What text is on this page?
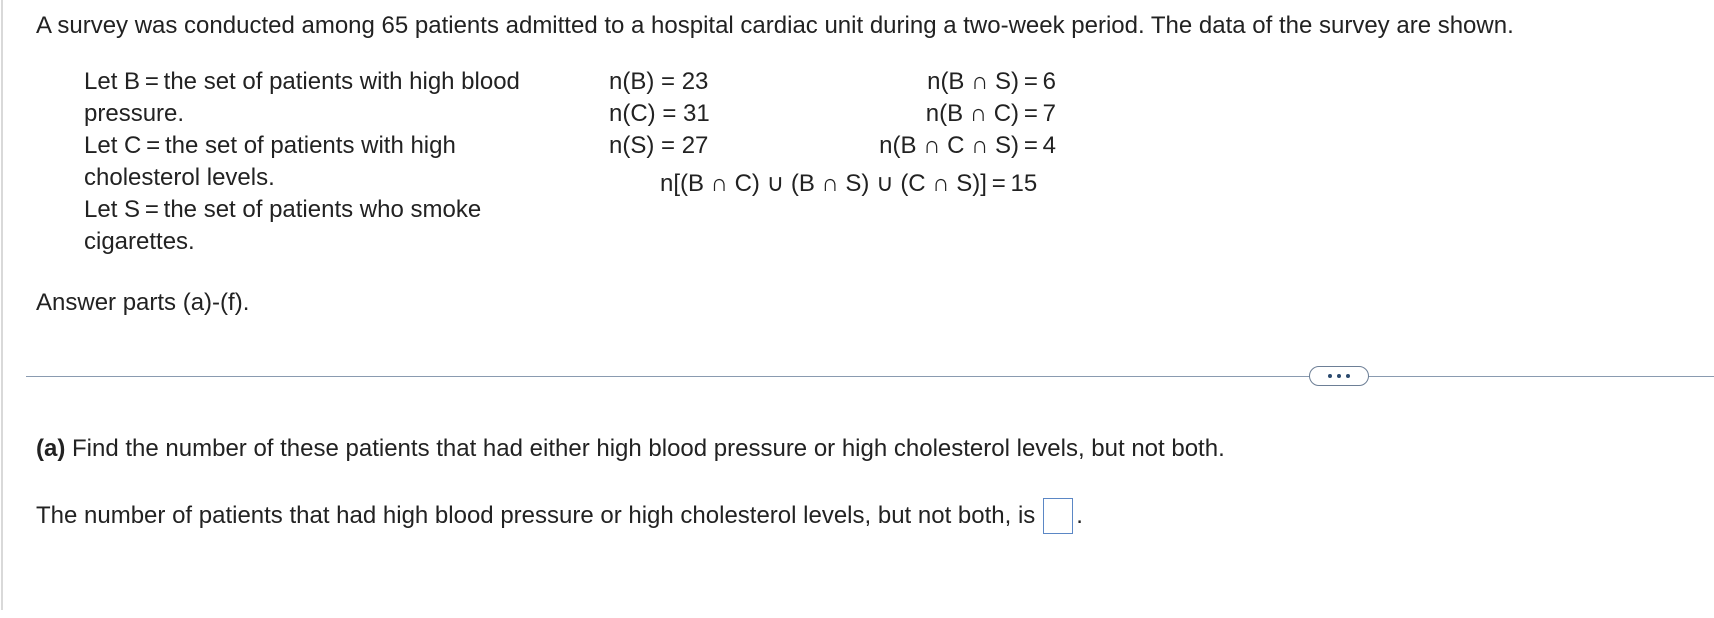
A survey was conducted among 65 patients admitted to a hospital cardiac unit during a two-week period. The data of the survey are shown.
Let B = the set of patients with high blood pressure.
Let C = the set of patients with high cholesterol levels.
Let S = the set of patients who smoke cigarettes.
n(B) = 23
n(C) = 31
n(S) = 27
n(B ∩ S) = 6
n(B ∩ C) = 7
n(B ∩ C ∩ S) = 4
n[(B ∩ C) ∪ (B ∩ S) ∪ (C ∩ S)] = 15
Answer parts (a)-(f).
(a) Find the number of these patients that had either high blood pressure or high cholesterol levels, but not both.
The number of patients that had high blood pressure or high cholesterol levels, but not both, is .
